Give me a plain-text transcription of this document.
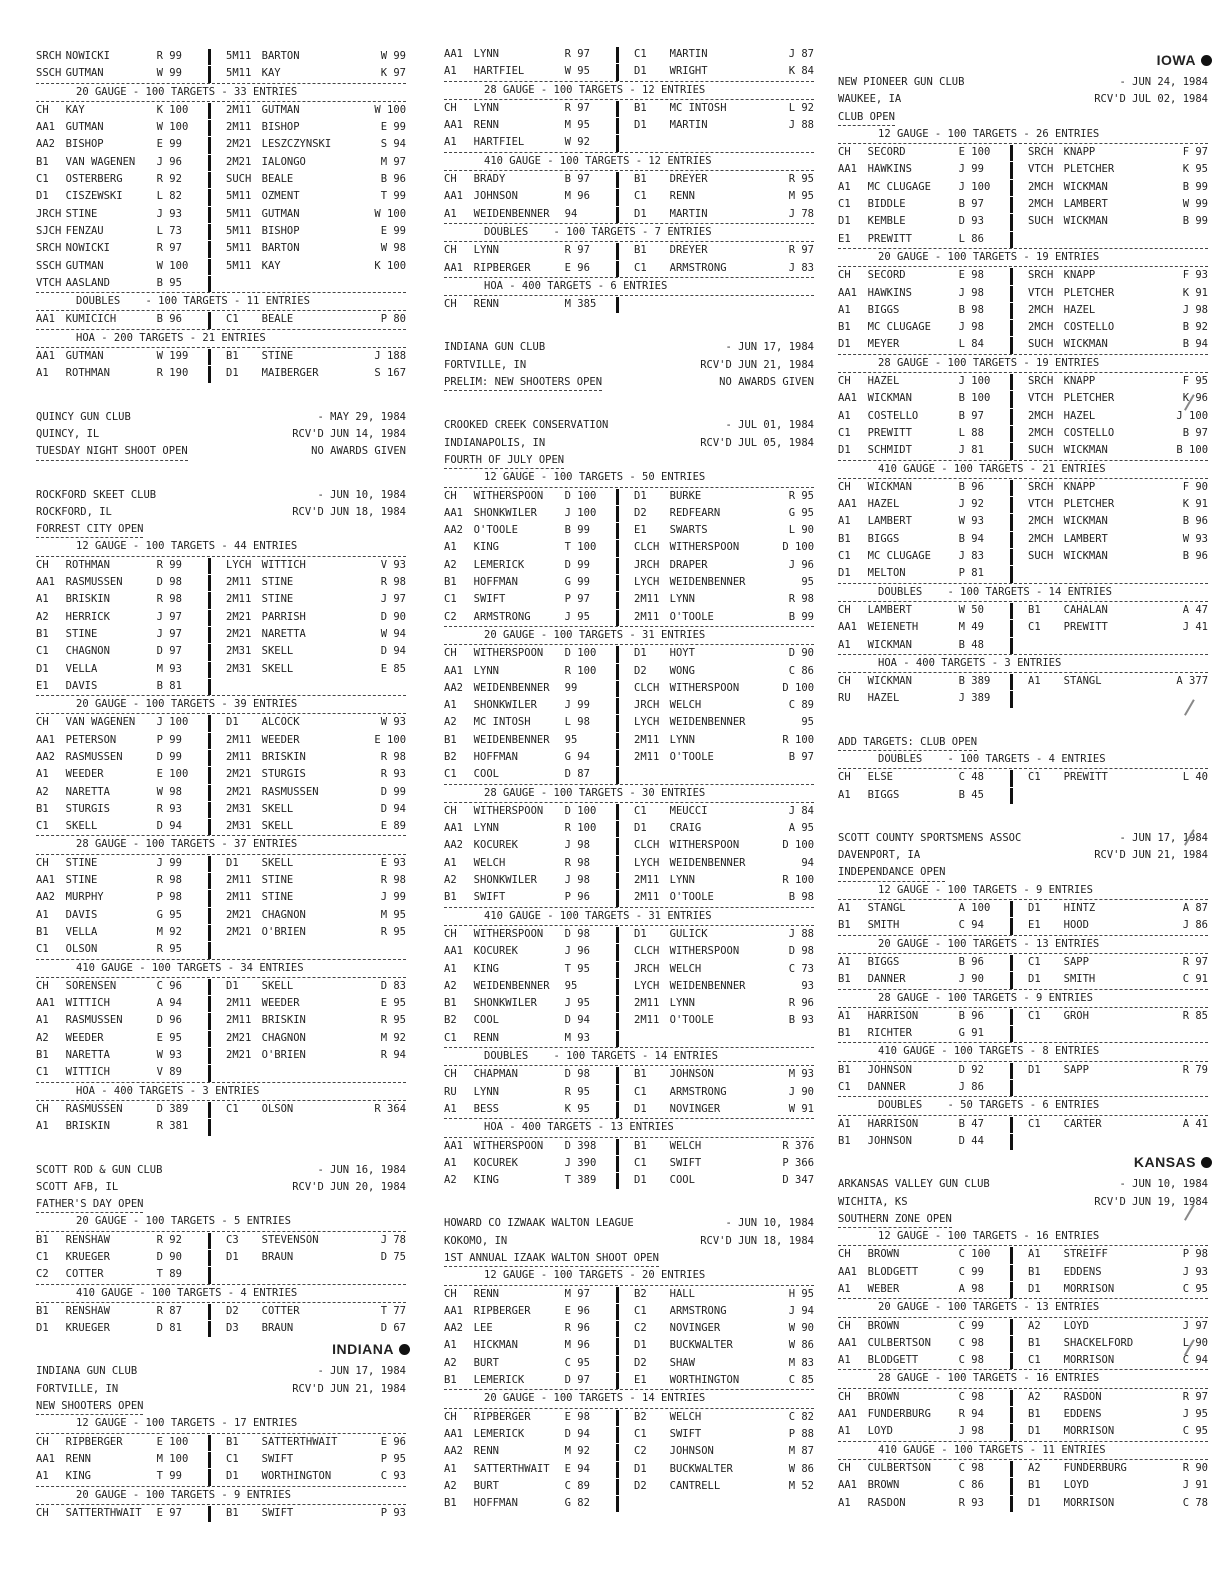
SRCH NOWICKI	R 99	5M11 BARTON	W 99
SSCH GUTMAN	W 99	5M11 KAY	K 97
20 GAUGE - 100 TARGETS - 33 ENTRIES
CH	KAY	K 100	2M11 GUTMAN	W 100
AA1	GUTMAN	W 100	2M11 BISHOP	E 99
AA2	BISHOP	E 99	2M21 LESZCZYNSKI	S 94
B1	VAN WAGENEN	J 96	2M21 IALONGO	M 97
C1	OSTERBERG	R 92	SUCH BEALE	B 96
D1	CISZEWSKI	L 82	5M11 OZMENT	T 99
JRCH STINE	J 93	5M11 GUTMAN	W 100
SJCH FENZAU	L 73	5M11 BISHOP	E 99
SRCH NOWICKI	R 97	5M11 BARTON	W 98
SSCH GUTMAN	W 100	5M11 KAY	K 100
VTCH AASLAND	B 95
DOUBLES    - 100 TARGETS - 11 ENTRIES
AA1	KUMICICH	B 96	C1	BEALE	P 80
HOA - 200 TARGETS - 21 ENTRIES
AA1	GUTMAN	W 199	B1	STINE	J 188
A1	ROTHMAN	R 190	D1	MAIBERGER	S 167
QUINCY GUN CLUB	- MAY 29, 1984
QUINCY, IL	RCV'D JUN 14, 1984
TUESDAY NIGHT SHOOT OPEN	NO AWARDS GIVEN
ROCKFORD SKEET CLUB	- JUN 10, 1984
ROCKFORD, IL	RCV'D JUN 18, 1984
FORREST CITY OPEN
12 GAUGE - 100 TARGETS - 44 ENTRIES
CH	ROTHMAN	R 99	LYCH WITTICH	V 93
AA1	RASMUSSEN	D 98	2M11 STINE	R 98
A1	BRISKIN	R 98	2M11 STINE	J 97
A2	HERRICK	J 97	2M21 PARRISH	D 90
B1	STINE	J 97	2M21 NARETTA	W 94
C1	CHAGNON	D 97	2M31 SKELL	D 94
D1	VELLA	M 93	2M31 SKELL	E 85
E1	DAVIS	B 81
20 GAUGE - 100 TARGETS - 39 ENTRIES
CH	VAN WAGENEN	J 100	D1	ALCOCK	W 93
AA1	PETERSON	P 99	2M11 WEEDER	E 100
AA2	RASMUSSEN	D 99	2M11 BRISKIN	R 98
A1	WEEDER	E 100	2M21 STURGIS	R 93
A2	NARETTA	W 98	2M21 RASMUSSEN	D 99
B1	STURGIS	R 93	2M31 SKELL	D 94
C1	SKELL	D 94	2M31 SKELL	E 89
28 GAUGE - 100 TARGETS - 37 ENTRIES
CH	STINE	J 99	D1	SKELL	E 93
AA1	STINE	R 98	2M11 STINE	R 98
AA2	MURPHY	P 98	2M11 STINE	J 99
A1	DAVIS	G 95	2M21 CHAGNON	M 95
B1	VELLA	M 92	2M21 O'BRIEN	R 95
C1	OLSON	R 95
410 GAUGE - 100 TARGETS - 34 ENTRIES
CH	SORENSEN	C 96	D1	SKELL	D 83
AA1	WITTICH	A 94	2M11 WEEDER	E 95
A1	RASMUSSEN	D 96	2M11 BRISKIN	R 95
A2	WEEDER	E 95	2M21 CHAGNON	M 92
B1	NARETTA	W 93	2M21 O'BRIEN	R 94
C1	WITTICH	V 89
HOA - 400 TARGETS - 3 ENTRIES
CH	RASMUSSEN	D 389	C1	OLSON	R 364
A1	BRISKIN	R 381
SCOTT ROD & GUN CLUB	- JUN 16, 1984
SCOTT AFB, IL	RCV'D JUN 20, 1984
FATHER'S DAY OPEN
20 GAUGE - 100 TARGETS - 5 ENTRIES
B1	RENSHAW	R 92	C3	STEVENSON	J 78
C1	KRUEGER	D 90	D1	BRAUN	D 75
C2	COTTER	T 89
410 GAUGE - 100 TARGETS - 4 ENTRIES
B1	RENSHAW	R 87	D2	COTTER	T 77
D1	KRUEGER	D 81	D3	BRAUN	D 67
INDIANA
INDIANA GUN CLUB	- JUN 17, 1984
FORTVILLE, IN	RCV'D JUN 21, 1984
NEW SHOOTERS OPEN
12 GAUGE - 100 TARGETS - 17 ENTRIES
CH	RIPBERGER	E 100	B1	SATTERTHWAIT	E 96
AA1	RENN	M 100	C1	SWIFT	P 95
A1	KING	T 99	D1	WORTHINGTON	C 93
20 GAUGE - 100 TARGETS - 9 ENTRIES
CH	SATTERTHWAIT	E 97	B1	SWIFT	P 93
AA1	LYNN	R 97	C1	MARTIN	J 87
A1	HARTFIEL	W 95	D1	WRIGHT	K 84
28 GAUGE - 100 TARGETS - 12 ENTRIES
CH	LYNN	R 97	B1	MC INTOSH	L 92
AA1	RENN	M 95	D1	MARTIN	J 88
A1	HARTFIEL	W 92
410 GAUGE - 100 TARGETS - 12 ENTRIES
CH	BRADY	B 97	B1	DREYER	R 95
AA1	JOHNSON	M 96	C1	RENN	M 95
A1	WEIDENBENNER	94	D1	MARTIN	J 78
DOUBLES    - 100 TARGETS - 7 ENTRIES
CH	LYNN	R 97	B1	DREYER	R 97
AA1	RIPBERGER	E 96	C1	ARMSTRONG	J 83
HOA - 400 TARGETS - 6 ENTRIES
CH	RENN	M 385
INDIANA GUN CLUB	- JUN 17, 1984
FORTVILLE, IN	RCV'D JUN 21, 1984
PRELIM: NEW SHOOTERS OPEN	NO AWARDS GIVEN
CROOKED CREEK CONSERVATION	- JUL 01, 1984
INDIANAPOLIS, IN	RCV'D JUL 05, 1984
FOURTH OF JULY OPEN
12 GAUGE - 100 TARGETS - 50 ENTRIES
CH	WITHERSPOON	D 100	D1	BURKE	R 95
AA1	SHONKWILER	J 100	D2	REDFEARN	G 95
AA2	O'TOOLE	B 99	E1	SWARTS	L 90
A1	KING	T 100	CLCH WITHERSPOON	D 100
A2	LEMERICK	D 99	JRCH DRAPER	J 96
B1	HOFFMAN	G 99	LYCH WEIDENBENNER	95
C1	SWIFT	P 97	2M11 LYNN	R 98
C2	ARMSTRONG	J 95	2M11 O'TOOLE	B 99
20 GAUGE - 100 TARGETS - 31 ENTRIES
CH	WITHERSPOON	D 100	D1	HOYT	D 90
AA1	LYNN	R 100	D2	WONG	C 86
AA2	WEIDENBENNER	99	CLCH WITHERSPOON	D 100
A1	SHONKWILER	J 99	JRCH WELCH	C 89
A2	MC INTOSH	L 98	LYCH WEIDENBENNER	95
B1	WEIDENBENNER	95	2M11 LYNN	R 100
B2	HOFFMAN	G 94	2M11 O'TOOLE	B 97
C1	COOL	D 87
28 GAUGE - 100 TARGETS - 30 ENTRIES
CH	WITHERSPOON	D 100	C1	MEUCCI	J 84
AA1	LYNN	R 100	D1	CRAIG	A 95
AA2	KOCUREK	J 98	CLCH WITHERSPOON	D 100
A1	WELCH	R 98	LYCH WEIDENBENNER	94
A2	SHONKWILER	J 98	2M11 LYNN	R 100
B1	SWIFT	P 96	2M11 O'TOOLE	B 98
410 GAUGE - 100 TARGETS - 31 ENTRIES
CH	WITHERSPOON	D 98	D1	GULICK	J 88
AA1	KOCUREK	J 96	CLCH WITHERSPOON	D 98
A1	KING	T 95	JRCH WELCH	C 73
A2	WEIDENBENNER	95	LYCH WEIDENBENNER	93
B1	SHONKWILER	J 95	2M11 LYNN	R 96
B2	COOL	D 94	2M11 O'TOOLE	B 93
C1	RENN	M 93
DOUBLES    - 100 TARGETS - 14 ENTRIES
CH	CHAPMAN	D 98	B1	JOHNSON	M 93
RU	LYNN	R 95	C1	ARMSTRONG	J 90
A1	BESS	K 95	D1	NOVINGER	W 91
HOA - 400 TARGETS - 13 ENTRIES
AA1	WITHERSPOON	D 398	B1	WELCH	R 376
A1	KOCUREK	J 390	C1	SWIFT	P 366
A2	KING	T 389	D1	COOL	D 347
HOWARD CO IZWAAK WALTON LEAGUE	- JUN 10, 1984
KOKOMO, IN	RCV'D JUN 18, 1984
1ST ANNUAL IZAAK WALTON SHOOT OPEN
12 GAUGE - 100 TARGETS - 20 ENTRIES
CH	RENN	M 97	B2	HALL	H 95
AA1	RIPBERGER	E 96	C1	ARMSTRONG	J 94
AA2	LEE	R 96	C2	NOVINGER	W 90
A1	HICKMAN	M 96	D1	BUCKWALTER	W 86
A2	BURT	C 95	D2	SHAW	M 83
B1	LEMERICK	D 97	E1	WORTHINGTON	C 85
20 GAUGE - 100 TARGETS - 14 ENTRIES
CH	RIPBERGER	E 98	B2	WELCH	C 82
AA1	LEMERICK	D 94	C1	SWIFT	P 88
AA2	RENN	M 92	C2	JOHNSON	M 87
A1	SATTERTHWAIT	E 94	D1	BUCKWALTER	W 86
A2	BURT	C 89	D2	CANTRELL	M 52
B1	HOFFMAN	G 82
IOWA
NEW PIONEER GUN CLUB	- JUN 24, 1984
WAUKEE, IA	RCV'D JUL 02, 1984
CLUB OPEN
12 GAUGE - 100 TARGETS - 26 ENTRIES
CH	SECORD	E 100	SRCH KNAPP	F 97
AA1	HAWKINS	J 99	VTCH PLETCHER	K 95
A1	MC CLUGAGE	J 100	2MCH WICKMAN	B 99
C1	BIDDLE	B 97	2MCH LAMBERT	W 99
D1	KEMBLE	D 93	SUCH WICKMAN	B 99
E1	PREWITT	L 86
20 GAUGE - 100 TARGETS - 19 ENTRIES
CH	SECORD	E 98	SRCH KNAPP	F 93
AA1	HAWKINS	J 98	VTCH PLETCHER	K 91
A1	BIGGS	B 98	2MCH HAZEL	J 98
B1	MC CLUGAGE	J 98	2MCH COSTELLO	B 92
D1	MEYER	L 84	SUCH WICKMAN	B 94
28 GAUGE - 100 TARGETS - 19 ENTRIES
CH	HAZEL	J 100	SRCH KNAPP	F 95
AA1	WICKMAN	B 100	VTCH PLETCHER	K 96
A1	COSTELLO	B 97	2MCH HAZEL	J 100
C1	PREWITT	L 88	2MCH COSTELLO	B 97
D1	SCHMIDT	J 81	SUCH WICKMAN	B 100
410 GAUGE - 100 TARGETS - 21 ENTRIES
CH	WICKMAN	B 96	SRCH KNAPP	F 90
AA1	HAZEL	J 92	VTCH PLETCHER	K 91
A1	LAMBERT	W 93	2MCH WICKMAN	B 96
B1	BIGGS	B 94	2MCH LAMBERT	W 93
C1	MC CLUGAGE	J 83	SUCH WICKMAN	B 96
D1	MELTON	P 81
DOUBLES    - 100 TARGETS - 14 ENTRIES
CH	LAMBERT	W 50	B1	CAHALAN	A 47
AA1	WEIENETH	M 49	C1	PREWITT	J 41
A1	WICKMAN	B 48
HOA - 400 TARGETS - 3 ENTRIES
CH	WICKMAN	B 389	A1	STANGL	A 377
RU	HAZEL	J 389
ADD TARGETS: CLUB OPEN
DOUBLES    - 100 TARGETS - 4 ENTRIES
CH	ELSE	C 48	C1	PREWITT	L 40
A1	BIGGS	B 45
SCOTT COUNTY SPORTSMENS ASSOC	- JUN 17, 1984
DAVENPORT, IA	RCV'D JUN 21, 1984
INDEPENDANCE OPEN
12 GAUGE - 100 TARGETS - 9 ENTRIES
A1	STANGL	A 100	D1	HINTZ	A 87
B1	SMITH	C 94	E1	HOOD	J 86
20 GAUGE - 100 TARGETS - 13 ENTRIES
A1	BIGGS	B 96	C1	SAPP	R 97
B1	DANNER	J 90	D1	SMITH	C 91
28 GAUGE - 100 TARGETS - 9 ENTRIES
A1	HARRISON	B 96	C1	GROH	R 85
B1	RICHTER	G 91
410 GAUGE - 100 TARGETS - 8 ENTRIES
B1	JOHNSON	D 92	D1	SAPP	R 79
C1	DANNER	J 86
DOUBLES    - 50 TARGETS - 6 ENTRIES
A1	HARRISON	B 47	C1	CARTER	A 41
B1	JOHNSON	D 44
KANSAS
ARKANSAS VALLEY GUN CLUB	- JUN 10, 1984
WICHITA, KS	RCV'D JUN 19, 1984
SOUTHERN ZONE OPEN
12 GAUGE - 100 TARGETS - 16 ENTRIES
CH	BROWN	C 100	A1	STREIFF	P 98
AA1	BLODGETT	C 99	B1	EDDENS	J 93
A1	WEBER	A 98	D1	MORRISON	C 95
20 GAUGE - 100 TARGETS - 13 ENTRIES
CH	BROWN	C 99	A2	LOYD	J 97
AA1	CULBERTSON	C 98	B1	SHACKELFORD	L 90
A1	BLODGETT	C 98	C1	MORRISON	C 94
28 GAUGE - 100 TARGETS - 16 ENTRIES
CH	BROWN	C 98	A2	RASDON	R 97
AA1	FUNDERBURG	R 94	B1	EDDENS	J 95
A1	LOYD	J 98	D1	MORRISON	C 95
410 GAUGE - 100 TARGETS - 11 ENTRIES
CH	CULBERTSON	C 98	A2	FUNDERBURG	R 90
AA1	BROWN	C 86	B1	LOYD	J 91
A1	RASDON	R 93	D1	MORRISON	C 78
